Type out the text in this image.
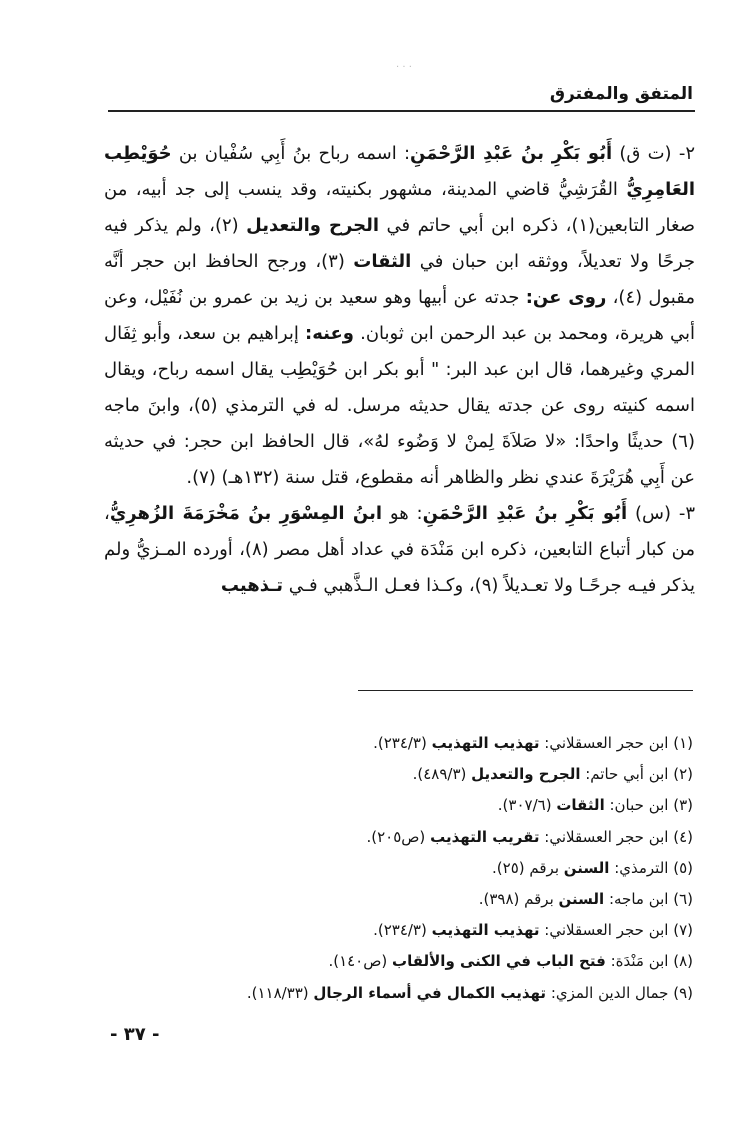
· · ·
المتفق والمفترق

٢- (ت ق) أَبُو بَكْرِ بنُ عَبْدِ الرَّحْمَنِ: اسمه رباح بنُ أَبِي سُفْيان بن حُوَيْطِب العَامِرِيُّ القُرَشِيُّ قاضي المدينة، مشهور بكنيته، وقد ينسب إلى جد أبيه، من صغار التابعين(١)، ذكره ابن أبي حاتم في الجرح والتعديل (٢)، ولم يذكر فيه جرحًا ولا تعديلاً، ووثقه ابن حبان في الثقات (٣)، ورجح الحافظ ابن حجر أنَّه مقبول (٤)، روى عن: جدته عن أبيها وهو سعيد بن زيد بن عمرو بن نُفَيْل، وعن أبي هريرة، ومحمد بن عبد الرحمن ابن ثوبان. وعنه: إبراهيم بن سعد، وأبو ثِفَال المري وغيرهما، قال ابن عبد البر: " أبو بكر ابن حُوَيْطِب يقال اسمه رباح، ويقال اسمه كنيته روى عن جدته يقال حديثه مرسل. له في الترمذي (٥)، وابنَ ماجه (٦) حديثًا واحدًا: «لا صَلاَةَ لِمنْ لا وَضُوء لهُ»، قال الحافظ ابن حجر: في حديثه عن أَبِي هُرَيْرَةَ عندي نظر والظاهر أنه مقطوع، قتل سنة (١٣٢هـ) (٧).

٣- (س) أَبُو بَكْرِ بنُ عَبْدِ الرَّحْمَنِ: هو ابنُ المِسْوَرِ بنُ مَخْرَمَةَ الزُهرِيُّ، من كبار أتباع التابعين، ذكره ابن مَنْدَة في عداد أهل مصر (٨)، أورده المـزيُّ ولم يذكر فيـه جرحًـا ولا تعـديلاً (٩)، وكـذا فعـل الـذَّهبي فـي تـذهيب

(١) ابن حجر العسقلاني: تهذيب التهذيب (٢٣٤/٣).
(٢) ابن أبي حاتم: الجرح والتعديل (٤٨٩/٣).
(٣) ابن حبان: الثقات (٣٠٧/٦).
(٤) ابن حجر العسقلاني: تقريب التهذيب (ص٢٠٥).
(٥) الترمذي: السنن برقم (٢٥).
(٦) ابن ماجه: السنن برقم (٣٩٨).
(٧) ابن حجر العسقلاني: تهذيب التهذيب (٢٣٤/٣).
(٨) ابن مَنْدَة: فتح الباب في الكنى والألقاب (ص١٤٠).
(٩) جمال الدين المزي: تهذيب الكمال في أسماء الرجال (١١٨/٣٣).
- ٣٧ -
